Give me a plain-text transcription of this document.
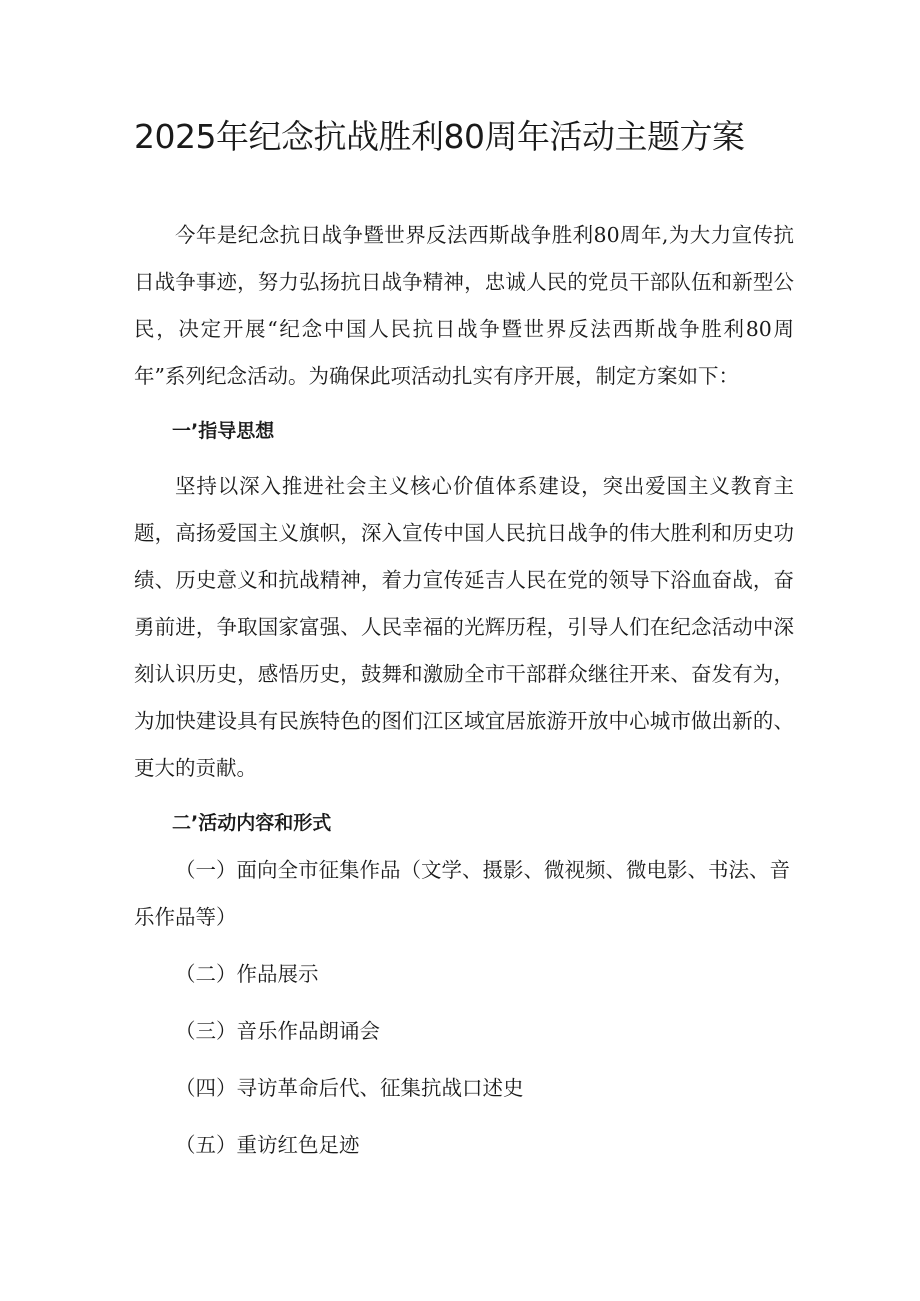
2025年纪念抗战胜利80周年活动主题方案

今年是纪念抗日战争暨世界反法西斯战争胜利80周年,为大力宣传抗日战争事迹，努力弘扬抗日战争精神，忠诚人民的党员干部队伍和新型公民，决定开展“纪念中国人民抗日战争暨世界反法西斯战争胜利80周年”系列纪念活动。为确保此项活动扎实有序开展，制定方案如下：

一’指导思想

坚持以深入推进社会主义核心价值体系建设，突出爱国主义教育主题，高扬爱国主义旗帜，深入宣传中国人民抗日战争的伟大胜利和历史功绩、历史意义和抗战精神，着力宣传延吉人民在党的领导下浴血奋战，奋勇前进，争取国家富强、人民幸福的光辉历程，引导人们在纪念活动中深刻认识历史，感悟历史，鼓舞和激励全市干部群众继往开来、奋发有为，为加快建设具有民族特色的图们江区域宜居旅游开放中心城市做出新的、更大的贡献。

二’活动内容和形式

（一）面向全市征集作品（文学、摄影、微视频、微电影、书法、音乐作品等）

（二）作品展示

（三）音乐作品朗诵会

（四）寻访革命后代、征集抗战口述史

（五）重访红色足迹
